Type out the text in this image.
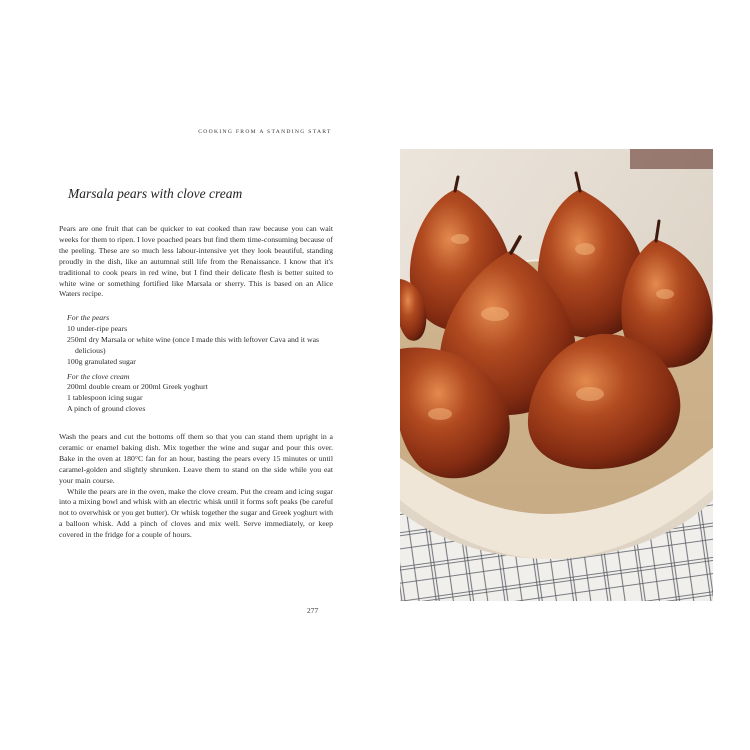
COOKING FROM A STANDING START
Marsala pears with clove cream

Pears are one fruit that can be quicker to eat cooked than raw because you can wait weeks for them to ripen. I love poached pears but find them time-consuming because of the peeling. These are so much less labour-intensive yet they look beautiful, standing proudly in the dish, like an autumnal still life from the Renaissance. I know that it's traditional to cook pears in red wine, but I find their delicate flesh is better suited to white wine or something fortified like Marsala or sherry. This is based on an Alice Waters recipe.

For the pears

10 under-ripe pears
250ml dry Marsala or white wine (once I made this with leftover Cava and it was delicious)
100g granulated sugar

For the clove cream

200ml double cream or 200ml Greek yoghurt
1 tablespoon icing sugar
A pinch of ground cloves

Wash the pears and cut the bottoms off them so that you can stand them upright in a ceramic or enamel baking dish. Mix together the wine and sugar and pour this over. Bake in the oven at 180°C fan for an hour, basting the pears every 15 minutes or until caramel-golden and slightly shrunken. Leave them to stand on the side while you eat your main course.

While the pears are in the oven, make the clove cream. Put the cream and icing sugar into a mixing bowl and whisk with an electric whisk until it forms soft peaks (be careful not to overwhisk or you get butter). Or whisk together the sugar and Greek yoghurt with a balloon whisk. Add a pinch of cloves and mix well. Serve immediately, or keep covered in the fridge for a couple of hours.

277
